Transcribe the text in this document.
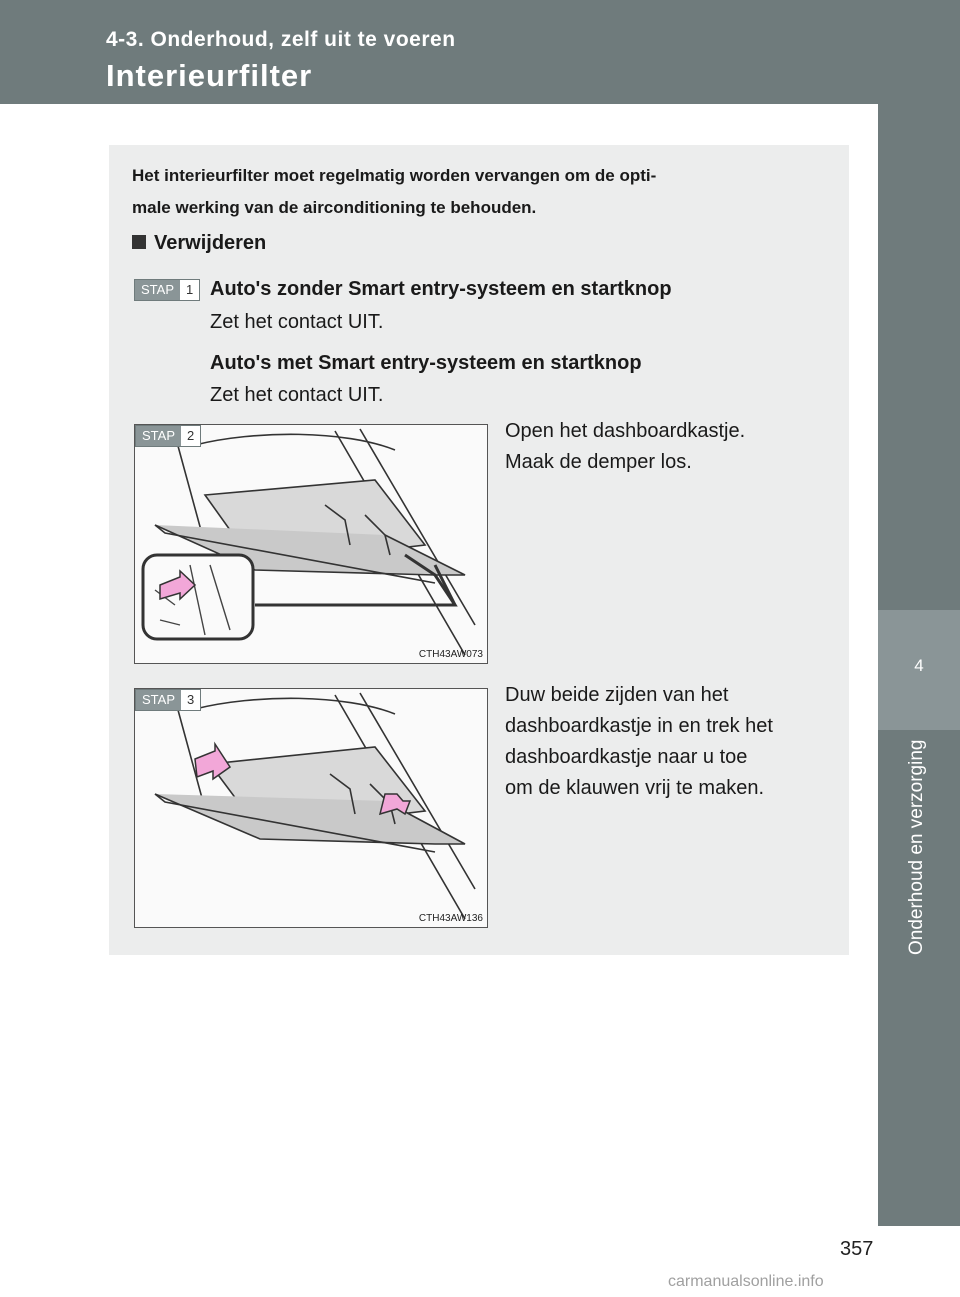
4-3. Onderhoud, zelf uit te voeren
Interieurfilter
4
Onderhoud en verzorging
Het interieurfilter moet regelmatig worden vervangen om de opti-
male werking van de airconditioning te behouden.
Verwijderen
STAP 1 Auto's zonder Smart entry-systeem en startknop
Zet het contact UIT.
Auto's met Smart entry-systeem en startknop
Zet het contact UIT.
STAP 2
CTH43AW073
Open het dashboardkastje.
Maak de demper los.
STAP 3
CTH43AW136
Duw beide zijden van het
dashboardkastje in en trek het
dashboardkastje naar u toe
om de klauwen vrij te maken.
357
carmanualsonline.info
